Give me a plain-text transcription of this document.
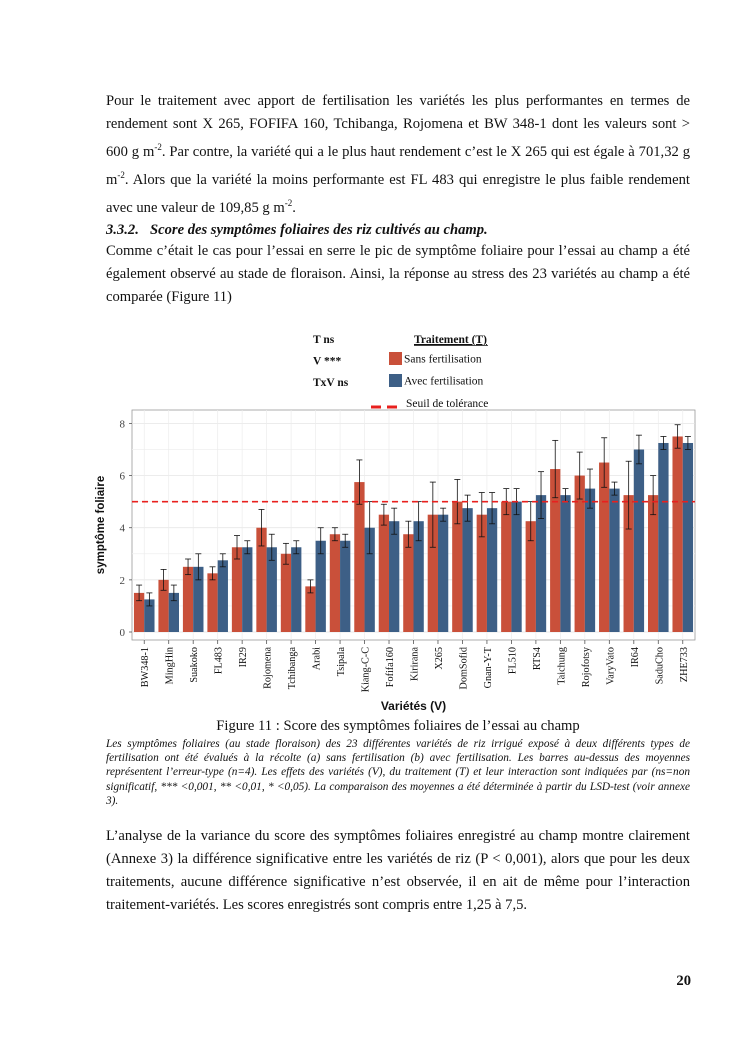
Pour le traitement avec apport de fertilisation les variétés les plus performantes en termes de rendement sont X 265, FOFIFA 160, Tchibanga, Rojomena et BW 348-1 dont les valeurs sont > 600 g $m^{-2}$. Par contre, la variété qui a le plus haut rendement c’est le X 265 qui est égale à 701,32 g $m^{-2}$. Alors que la variété la moins performante est FL 483 qui enregistre le plus faible rendement avec une valeur de 109,85 g $m^{-2}$.

3.3.2. Score des symptômes foliaires des riz cultivés au champ.

Comme c’était le cas pour l’essai en serre le pic de symptôme foliaire pour l’essai au champ a été également observé au stade de floraison. Ainsi, la réponse au stress des 23 variétés au champ a été comparée (Figure 11)

T ns
V ***
TxV ns
Traitement (T)
Sans fertilisation
Avec fertilisation
Seuil de tolérance
0
2
4
6
8
symptôme foliaire
BW348-1 MingHin Suakoko FL483 IR29 Rojomena Tchibanga Arabi Tsipala Kiang-C-C Fofifa160 Kirirana X265 DomSofid Gnan-Y-T FL510 RTS4 Taichung Rojofotsy VaryVato IR64 SaduCho ZHE733
Variétés (V)

Figure 11 : Score des symptômes foliaires de l’essai au champ

Les symptômes foliaires (au stade floraison) des 23 différentes variétés de riz irrigué exposé à deux différents types de fertilisation ont été évalués à la récolte (a) sans fertilisation (b) avec fertilisation. Les barres au-dessus des moyennes représentent l’erreur-type (n=4). Les effets des variétés (V), du traitement (T) et leur interaction sont indiquées par (ns=non significatif, *** <0,001, ** <0,01, * <0,05). La comparaison des moyennes a été déterminée à partir du LSD-test (voir annexe 3).

L’analyse de la variance du score des symptômes foliaires enregistré au champ montre clairement (Annexe 3) la différence significative entre les variétés de riz (P < 0,001), alors que pour les deux traitements, aucune différence significative n’est observée, il en ait de même pour l’interaction traitement-variétés. Les scores enregistrés sont compris entre 1,25 à 7,5.

20
